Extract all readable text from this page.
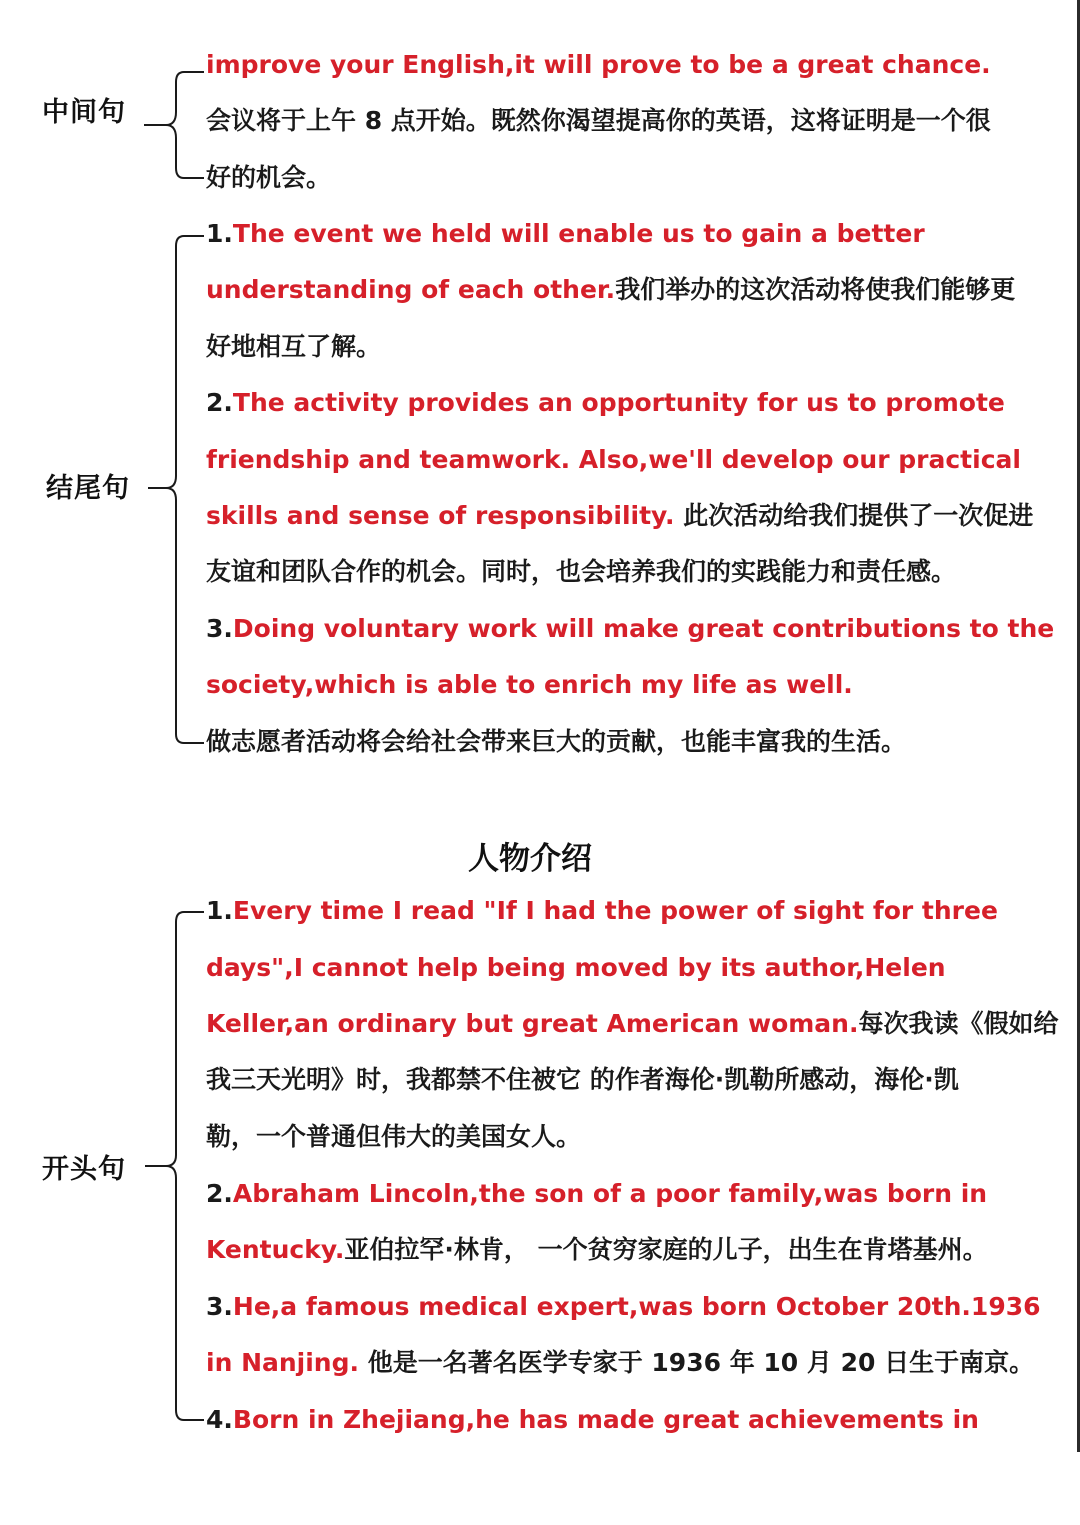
中间句
结尾句
开头句
人物介绍
improve your English,it will prove to be a great chance.
会议将于上午 8 点开始。既然你渴望提高你的英语，这将证明是一个很
好的机会。
1.The event we held will enable us to gain a better
understanding of each other.我们举办的这次活动将使我们能够更
好地相互了解。
2.The activity provides an opportunity for us to promote
friendship and teamwork. Also,we'll develop our practical
skills and sense of responsibility. 此次活动给我们提供了一次促进
友谊和团队合作的机会。同时，也会培养我们的实践能力和责任感。
3.Doing voluntary work will make great contributions to the
society,which is able to enrich my life as well.
做志愿者活动将会给社会带来巨大的贡献，也能丰富我的生活。
1.Every time I read "If I had the power of sight for three
days",I cannot help being moved by its author,Helen
Keller,an ordinary but great American woman.每次我读《假如给
我三天光明》时，我都禁不住被它 的作者海伦·凯勒所感动，海伦·凯
勒，一个普通但伟大的美国女人。
2.Abraham Lincoln,the son of a poor family,was born in
Kentucky.亚伯拉罕·林肯， 一个贫穷家庭的儿子，出生在肯塔基州。
3.He,a famous medical expert,was born October 20th.1936
in Nanjing. 他是一名著名医学专家于 1936 年 10 月 20 日生于南京。
4.Born in Zhejiang,he has made great achievements in
